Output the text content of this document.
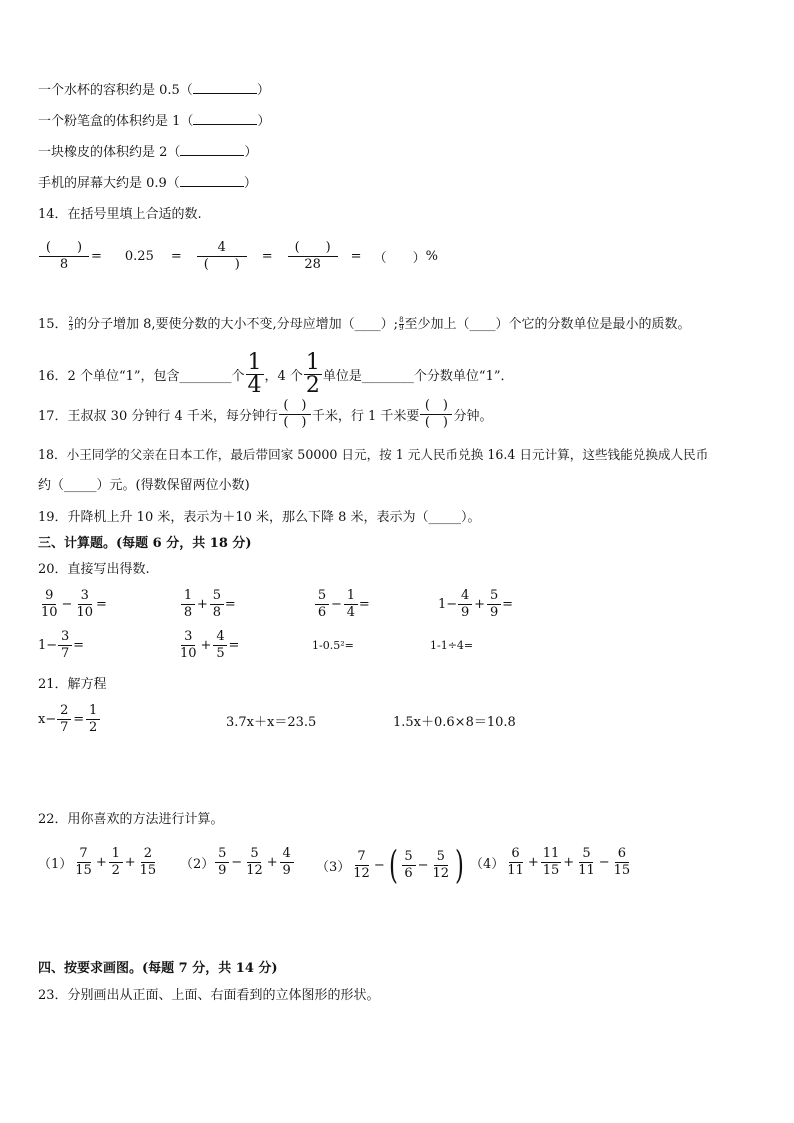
一个水杯的容积约是 0.5（	）
一个粉笔盒的体积约是 1（	）
一块橡皮的体积约是 2（	）
手机的屏幕大约是 0.9（	）
14．在括号里填上合适的数.
$\frac{( )}{8} = 0.25 = \frac{4}{( )} = \frac{( )}{28}$ = （　　） %
15． $\frac{2}{3}$ 的分子增加 8,要使分数的大小不变,分母应增加（____）; $\frac{8}{9}$ 至少加上（____）个它的分数单位是最小的质数。
16．2 个单位“1”，包含________个 $\frac{1}{4}$ ，4 个 $\frac{1}{2}$ 单位是________个分数单位“1”．
17．王叔叔 30 分钟行 4 千米，每分钟行 $\frac{( )}{( )}$ 千米，行 1 千米要 $\frac{( )}{( )}$ 分钟。
18．小王同学的父亲在日本工作，最后带回家 50000 日元，按 1 元人民币兑换 16.4 日元计算，这些钱能兑换成人民币
约（_____）元。(得数保留两位小数)
19．升降机上升 10 米，表示为＋10 米，那么下降 8 米，表示为（_____）。
三、计算题。(每题 6 分，共 18 分)
20．直接写出得数.
$\frac{9}{10} - \frac{3}{10}$ =	$\frac{1}{8} + \frac{5}{8}$ =	$\frac{5}{6} - \frac{1}{4}$ =	$1- \frac{4}{9} + \frac{5}{9}$ =
$1- \frac{3}{7}$ =	$\frac{3}{10} + \frac{4}{5}$ =	1-0.5²=	1-1÷4=
21．解方程
$x- \frac{2}{7} = \frac{1}{2}$	3.7x＋x＝23.5	1.5x＋0.6×8＝10.8
22．用你喜欢的方法进行计算。
$(1) \frac{7}{15} + \frac{1}{2} + \frac{2}{15} (2) \frac{5}{9} - \frac{5}{12} + \frac{4}{9} (3) \frac{7}{12}$ − ( $\frac{5}{6} - \frac{5}{12}$ ) $(4) \frac{6}{11} + \frac{11}{15} + \frac{5}{11} - \frac{6}{15}$
四、按要求画图。(每题 7 分，共 14 分)
23．分别画出从正面、上面、右面看到的立体图形的形状。
